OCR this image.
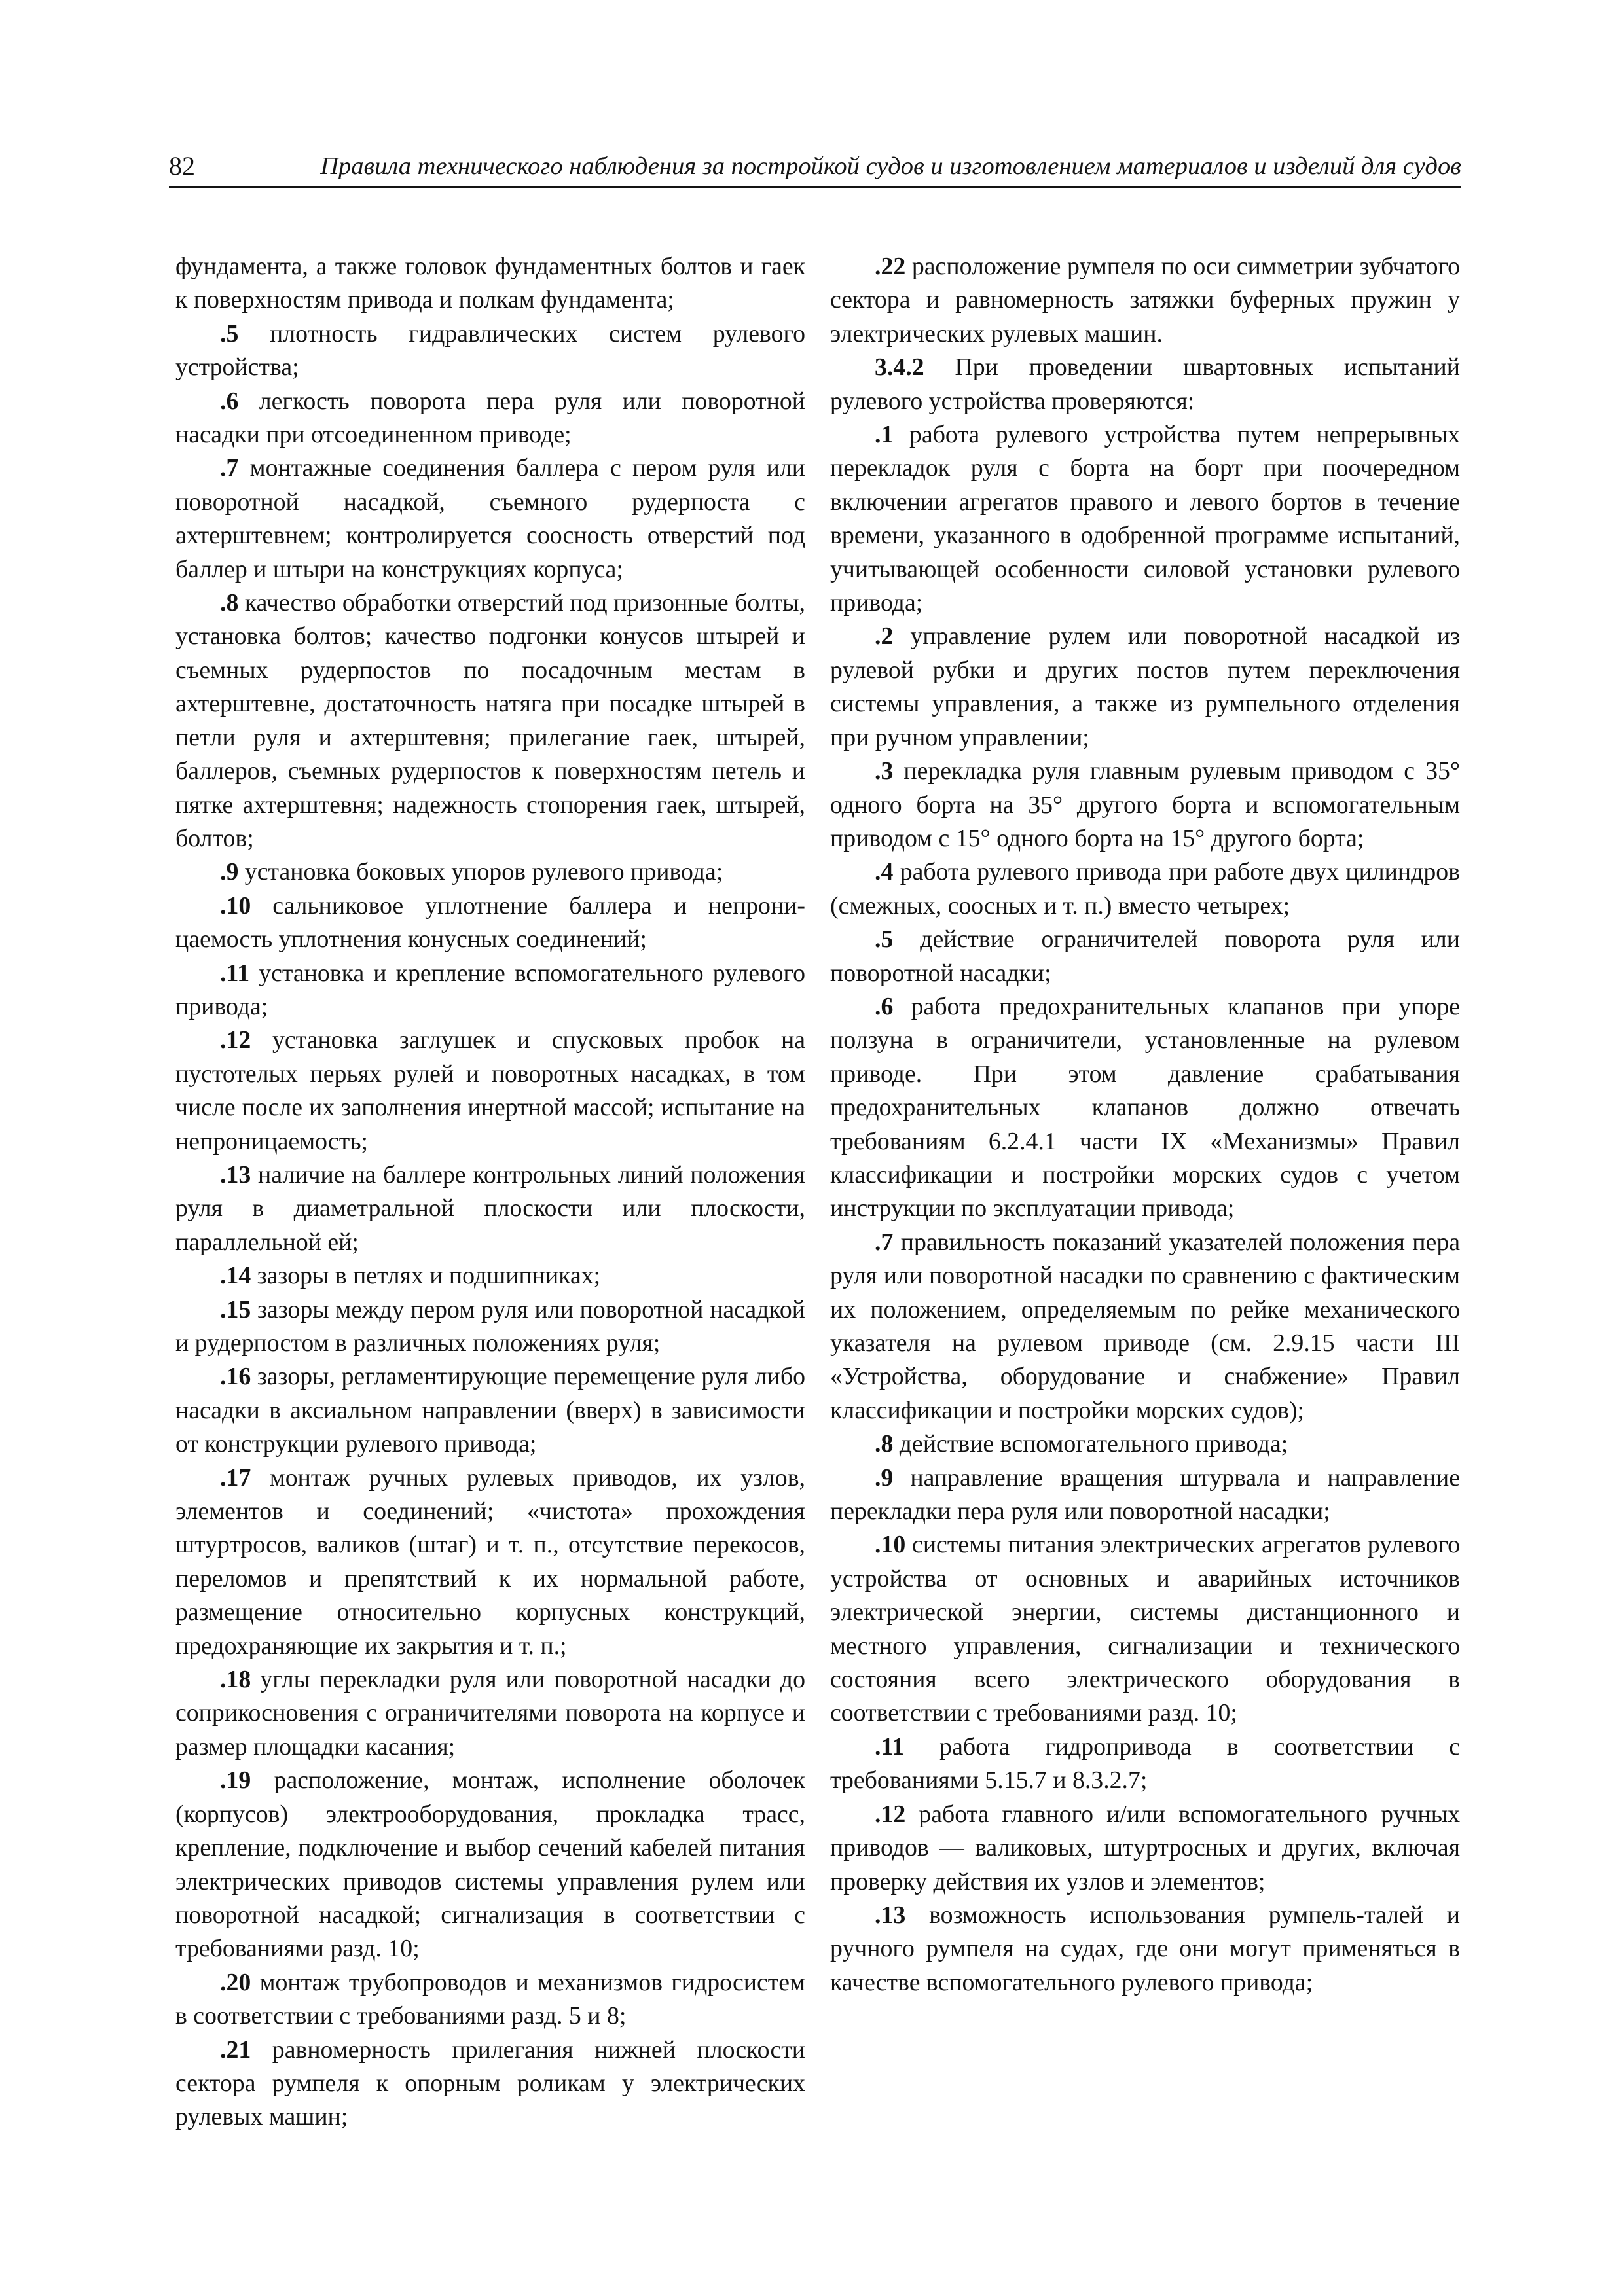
82	Правила технического наблюдения за постройкой судов и изготовлением материалов и изделий для судов

фундамента, а также головок фундаментных болтов и гаек к поверхностям привода и полкам фундамента;

.5 плотность гидравлических систем рулевого устройства;

.6 легкость поворота пера руля или поворотной насадки при отсоединенном приводе;

.7 монтажные соединения баллера с пером руля или поворотной насадкой, съемного рудерпоста с ахтерштевнем; контролируется соосность отверстий под баллер и штыри на конструкциях корпуса;

.8 качество обработки отверстий под призонные болты, установка болтов; качество подгонки конусов штырей и съемных рудерпостов по посадочным местам в ахтерштевне, достаточность натяга при посадке штырей в петли руля и ахтерштевня; прилегание гаек, штырей, баллеров, съемных рудерпостов к поверхностям петель и пятке ахтерштевня; надежность стопорения гаек, штырей, болтов;

.9 установка боковых упоров рулевого привода;

.10 сальниковое уплотнение баллера и непроницаемость уплотнения конусных соединений;

.11 установка и крепление вспомогательного рулевого привода;

.12 установка заглушек и спусковых пробок на пустотелых перьях рулей и поворотных насадках, в том числе после их заполнения инертной массой; испытание на непроницаемость;

.13 наличие на баллере контрольных линий положения руля в диаметральной плоскости или плоскости, параллельной ей;

.14 зазоры в петлях и подшипниках;

.15 зазоры между пером руля или поворотной насадкой и рудерпостом в различных положениях руля;

.16 зазоры, регламентирующие перемещение руля либо насадки в аксиальном направлении (вверх) в зависимости от конструкции рулевого привода;

.17 монтаж ручных рулевых приводов, их узлов, элементов и соединений; «чистота» прохождения штуртросов, валиков (штаг) и т. п., отсутствие перекосов, переломов и препятствий к их нормальной работе, размещение относительно корпусных конструкций, предохраняющие их закрытия и т. п.;

.18 углы перекладки руля или поворотной насадки до соприкосновения с ограничителями поворота на корпусе и размер площадки касания;

.19 расположение, монтаж, исполнение оболочек (корпусов) электрооборудования, прокладка трасс, крепление, подключение и выбор сечений кабелей питания электрических приводов системы управления рулем или поворотной насадкой; сигнализация в соответствии с требованиями разд. 10;

.20 монтаж трубопроводов и механизмов гидросистем в соответствии с требованиями разд. 5 и 8;

.21 равномерность прилегания нижней плоскости сектора румпеля к опорным роликам у электрических рулевых машин;

.22 расположение румпеля по оси симметрии зубчатого сектора и равномерность затяжки буферных пружин у электрических рулевых машин.

3.4.2 При проведении швартовных испытаний рулевого устройства проверяются:

.1 работа рулевого устройства путем непрерывных перекладок руля с борта на борт при поочередном включении агрегатов правого и левого бортов в течение времени, указанного в одобренной программе испытаний, учитывающей особенности силовой установки рулевого привода;

.2 управление рулем или поворотной насадкой из рулевой рубки и других постов путем переключения системы управления, а также из румпельного отделения при ручном управлении;

.3 перекладка руля главным рулевым приводом с 35° одного борта на 35° другого борта и вспомогательным приводом с 15° одного борта на 15° другого борта;

.4 работа рулевого привода при работе двух цилиндров (смежных, соосных и т. п.) вместо четырех;

.5 действие ограничителей поворота руля или поворотной насадки;

.6 работа предохранительных клапанов при упоре ползуна в ограничители, установленные на рулевом приводе. При этом давление срабатывания предохранительных клапанов должно отвечать требованиям 6.2.4.1 части IX «Механизмы» Правил классификации и постройки морских судов с учетом инструкции по эксплуатации привода;

.7 правильность показаний указателей положения пера руля или поворотной насадки по сравнению с фактическим их положением, определяемым по рейке механического указателя на рулевом приводе (см. 2.9.15 части III «Устройства, оборудование и снабжение» Правил классификации и постройки морских судов);

.8 действие вспомогательного привода;

.9 направление вращения штурвала и направление перекладки пера руля или поворотной насадки;

.10 системы питания электрических агрегатов рулевого устройства от основных и аварийных источников электрической энергии, системы дистанционного и местного управления, сигнализации и технического состояния всего электрического оборудования в соответствии с требованиями разд. 10;

.11 работа гидропривода в соответствии с требованиями 5.15.7 и 8.3.2.7;

.12 работа главного и/или вспомогательного ручных приводов — валиковых, штуртросных и других, включая проверку действия их узлов и элементов;

.13 возможность использования румпель-талей и ручного румпеля на судах, где они могут применяться в качестве вспомогательного рулевого привода;
